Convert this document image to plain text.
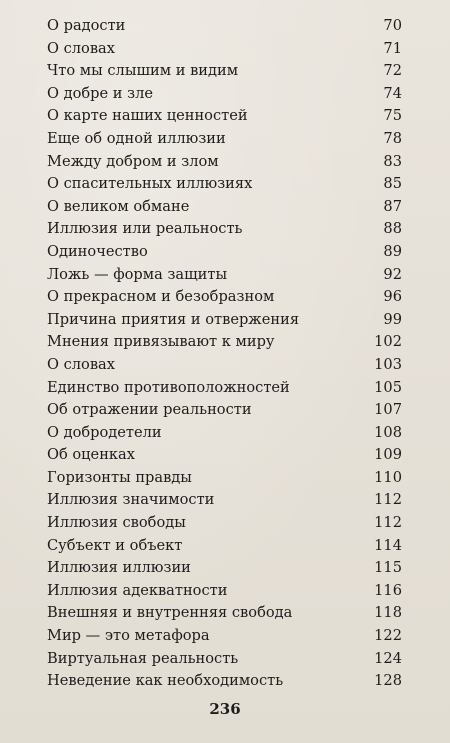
О радости	70
О словах	71
Что мы слышим и видим	72
О добре и зле	74
О карте наших ценностей	75
Еще об одной иллюзии	78
Между добром и злом	83
О спасительных иллюзиях	85
О великом обмане	87
Иллюзия или реальность	88
Одиночество	89
Ложь — форма защиты	92
О прекрасном и безобразном	96
Причина приятия и отвержения	99
Мнения привязывают к миру	102
О словах	103
Единство противоположностей	105
Об отражении реальности	107
О добродетели	108
Об оценках	109
Горизонты правды	110
Иллюзия значимости	112
Иллюзия свободы	112
Субъект и объект	114
Иллюзия иллюзии	115
Иллюзия адекватности	116
Внешняя и внутренняя свобода	118
Мир — это метафора	122
Виртуальная реальность	124
Неведение как необходимость	128
236
